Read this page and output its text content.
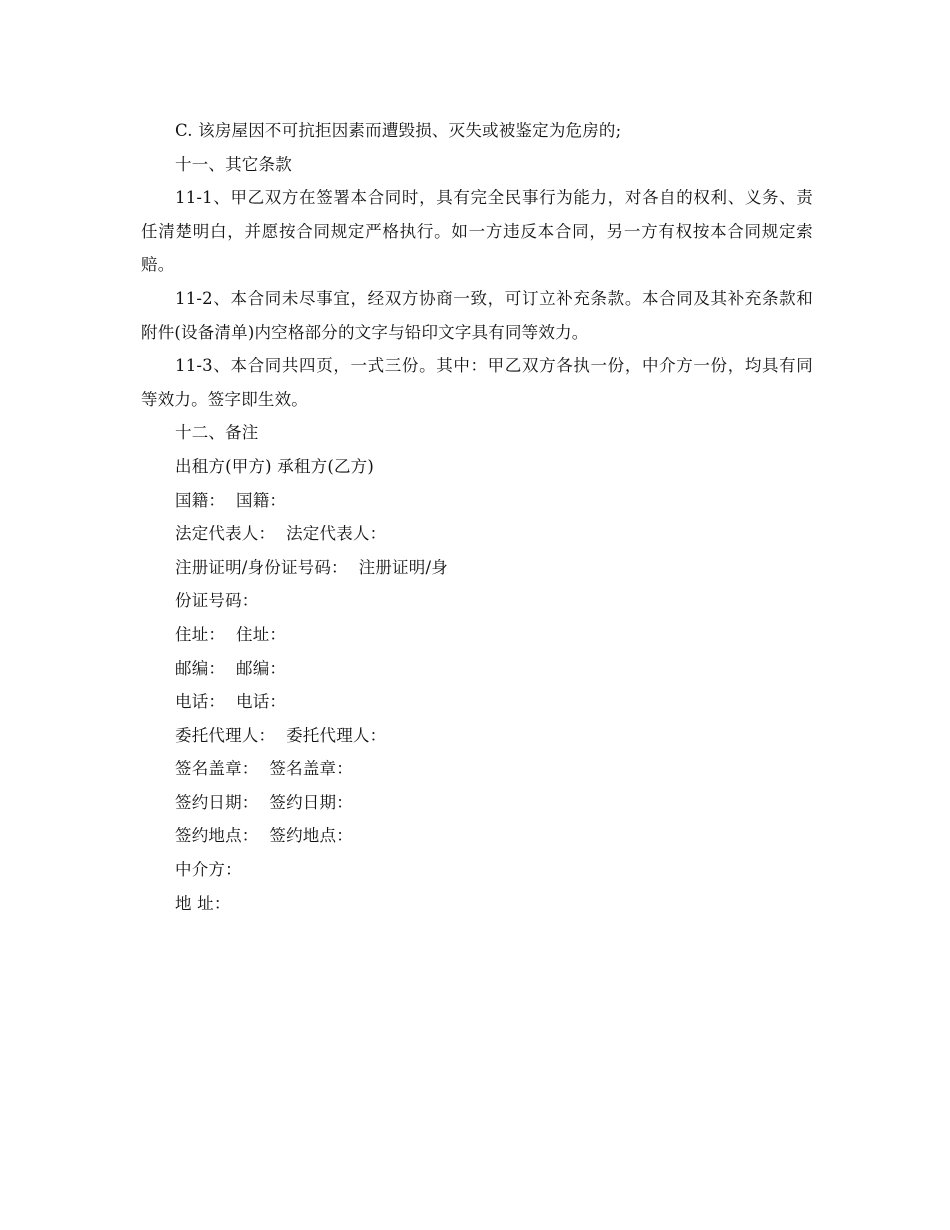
C. 该房屋因不可抗拒因素而遭毁损、灭失或被鉴定为危房的;

十一、其它条款

11-1、甲乙双方在签署本合同时，具有完全民事行为能力，对各自的权利、义务、责任清楚明白，并愿按合同规定严格执行。如一方违反本合同，另一方有权按本合同规定索赔。

11-2、本合同未尽事宜，经双方协商一致，可订立补充条款。本合同及其补充条款和附件(设备清单)内空格部分的文字与铅印文字具有同等效力。

11-3、本合同共四页，一式三份。其中：甲乙双方各执一份，中介方一份，均具有同等效力。签字即生效。

十二、备注

出租方(甲方) 承租方(乙方)

国籍：  国籍：

法定代表人：  法定代表人：

注册证明/身份证号码：  注册证明/身

份证号码：

住址：  住址：

邮编：  邮编：

电话：  电话：

委托代理人：  委托代理人：

签名盖章：  签名盖章：

签约日期：  签约日期：

签约地点：  签约地点：

中介方：

地 址：
